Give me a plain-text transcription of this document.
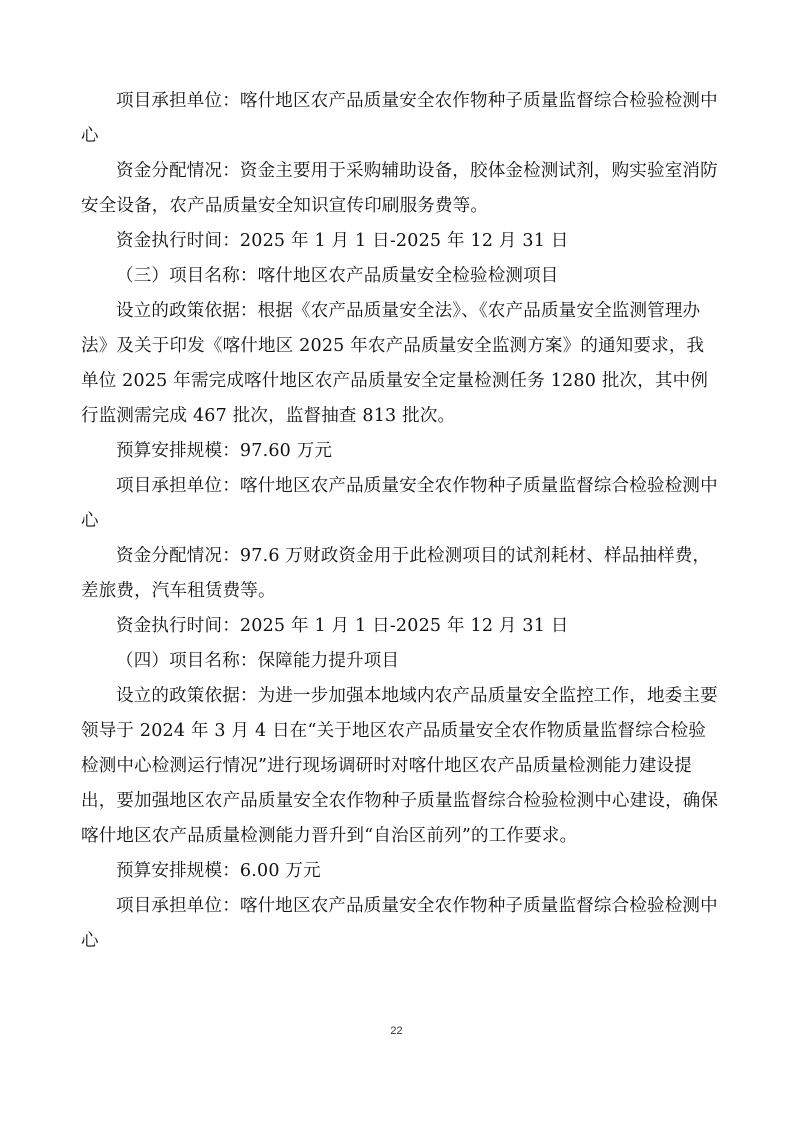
项目承担单位：喀什地区农产品质量安全农作物种子质量监督综合检验检测中心

资金分配情况：资金主要用于采购辅助设备，胶体金检测试剂，购实验室消防安全设备，农产品质量安全知识宣传印刷服务费等。

资金执行时间：2025 年 1 月 1 日-2025 年 12 月 31 日

（三）项目名称：喀什地区农产品质量安全检验检测项目

设立的政策依据：根据《农产品质量安全法》、《农产品质量安全监测管理办法》及关于印发《喀什地区 2025 年农产品质量安全监测方案》的通知要求，我单位 2025 年需完成喀什地区农产品质量安全定量检测任务 1280 批次，其中例行监测需完成 467 批次，监督抽查 813 批次。

预算安排规模：97.60 万元

项目承担单位：喀什地区农产品质量安全农作物种子质量监督综合检验检测中心

资金分配情况：97.6 万财政资金用于此检测项目的试剂耗材、样品抽样费，差旅费，汽车租赁费等。

资金执行时间：2025 年 1 月 1 日-2025 年 12 月 31 日

（四）项目名称：保障能力提升项目

设立的政策依据：为进一步加强本地域内农产品质量安全监控工作，地委主要领导于 2024 年 3 月 4 日在“关于地区农产品质量安全农作物质量监督综合检验检测中心检测运行情况”进行现场调研时对喀什地区农产品质量检测能力建设提出，要加强地区农产品质量安全农作物种子质量监督综合检验检测中心建设，确保喀什地区农产品质量检测能力晋升到“自治区前列”的工作要求。

预算安排规模：6.00 万元

项目承担单位：喀什地区农产品质量安全农作物种子质量监督综合检验检测中心

22
